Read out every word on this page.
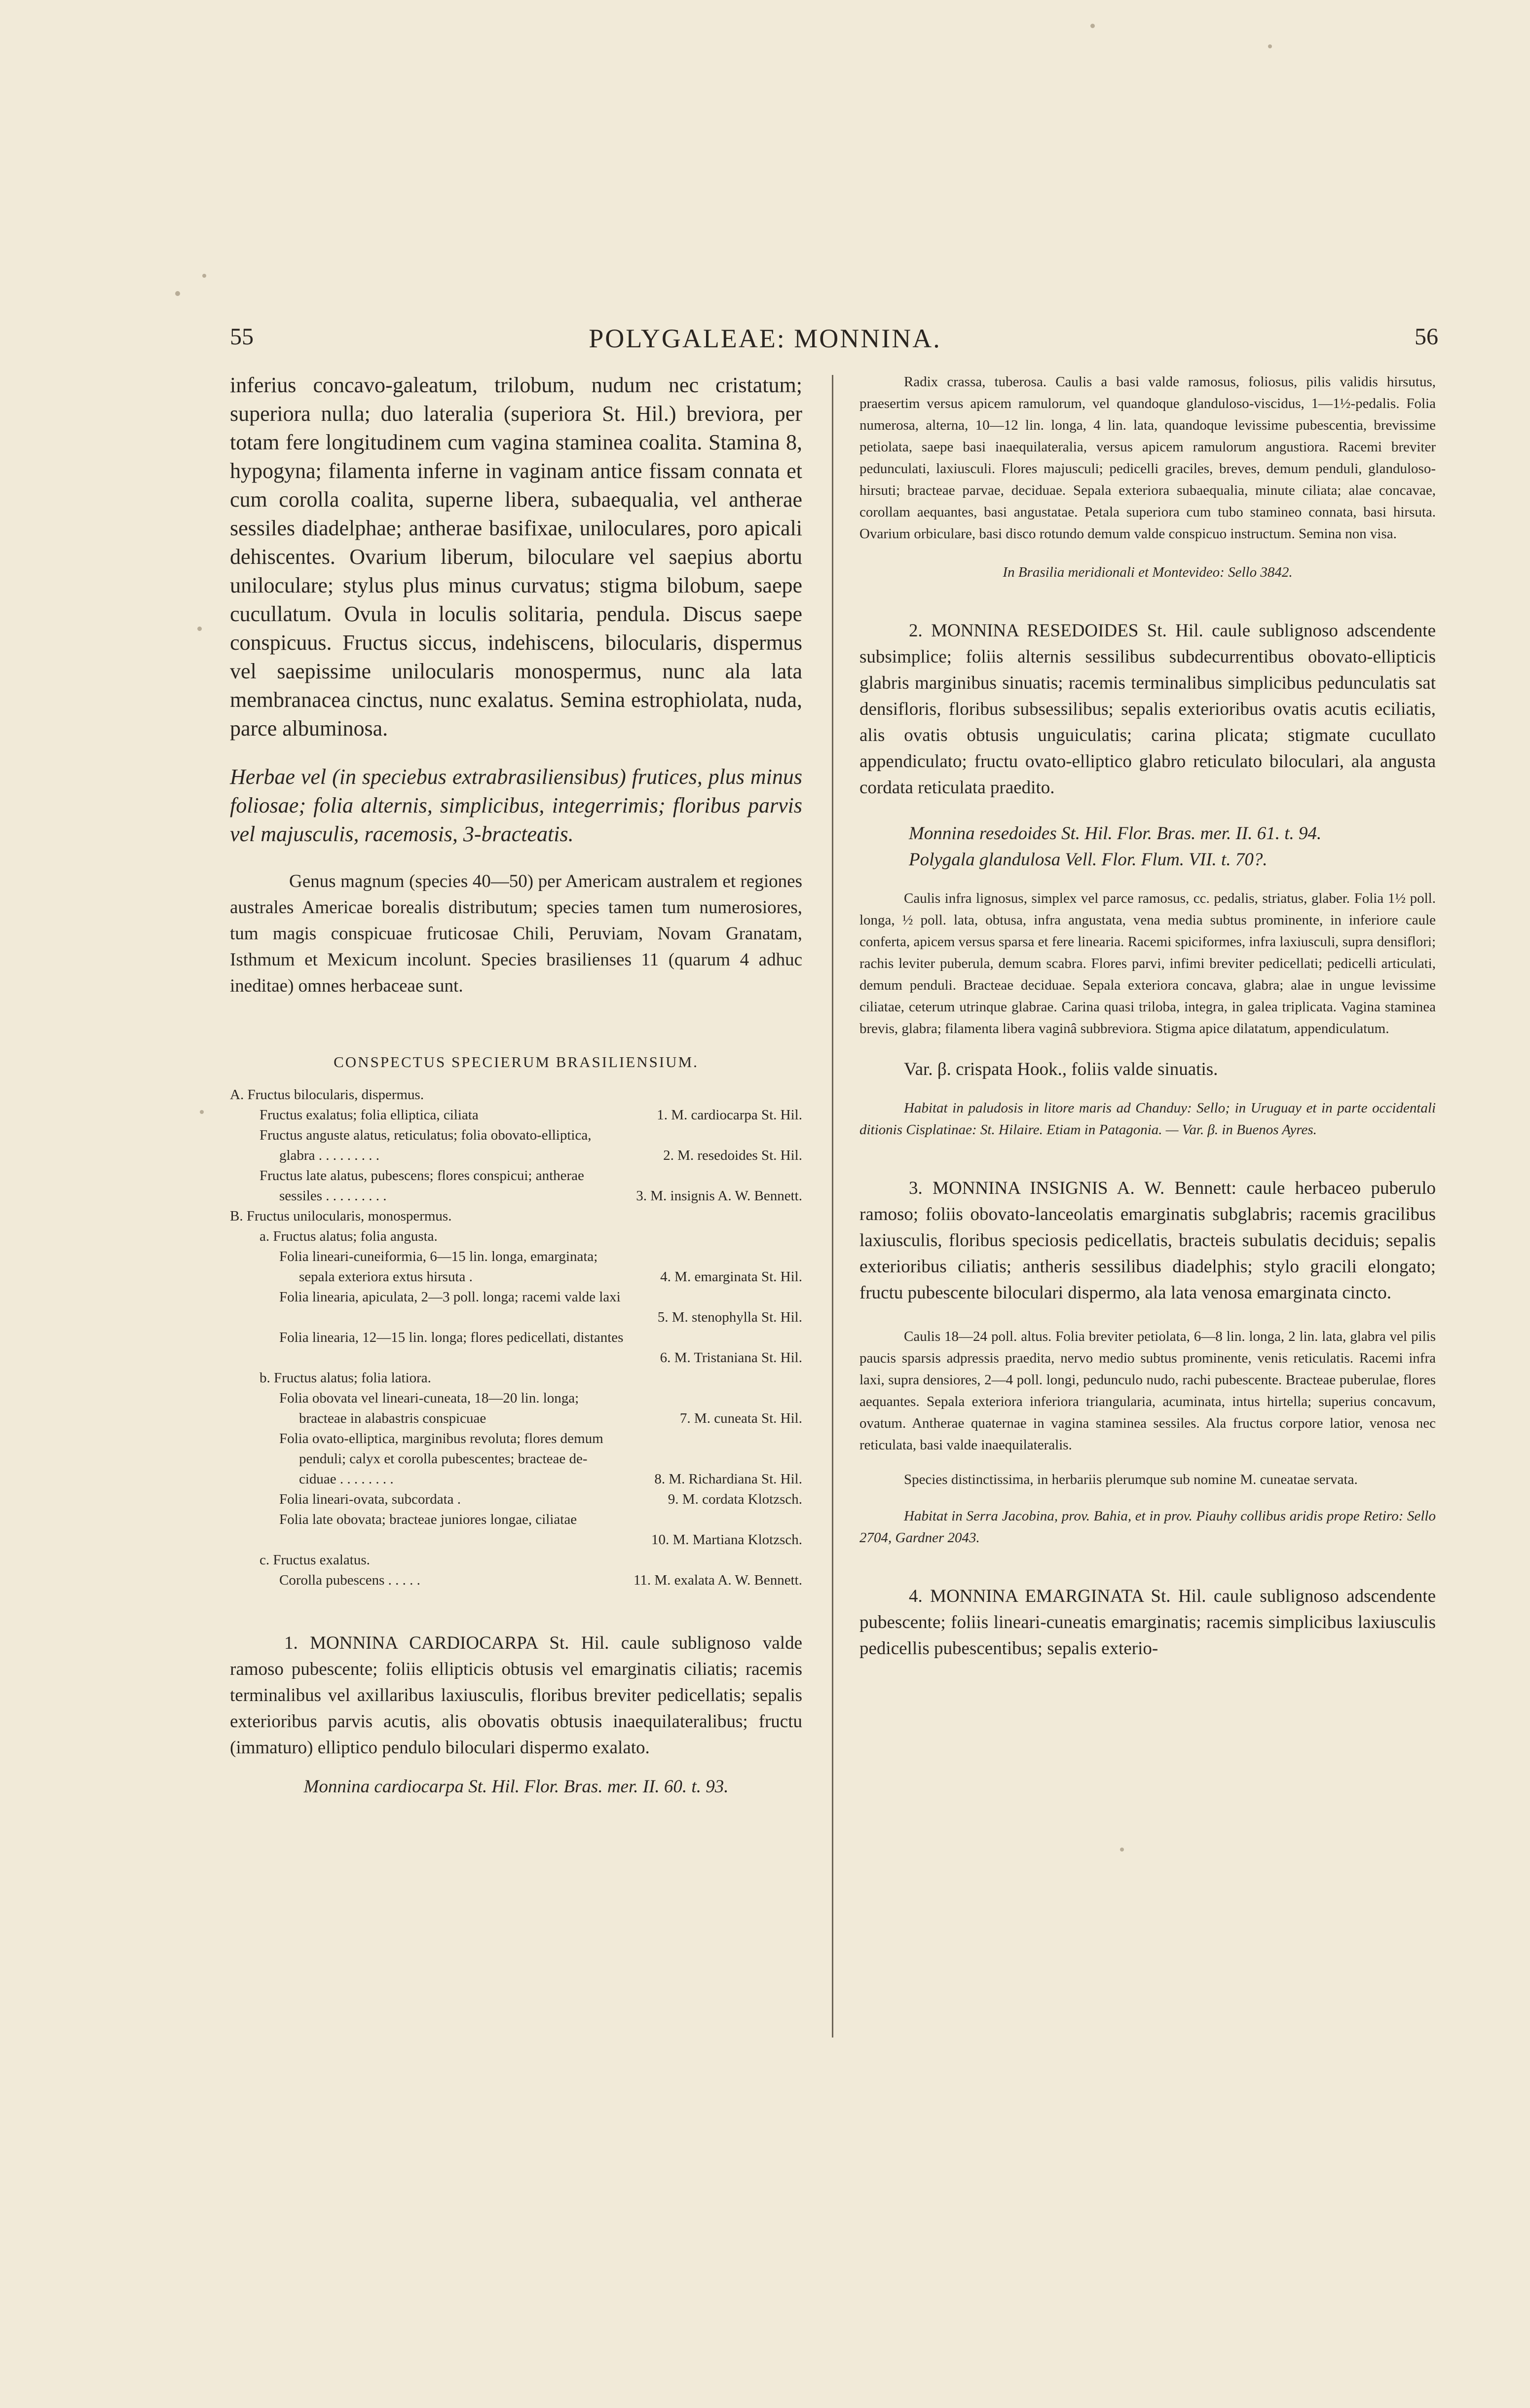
55	POLYGALEAE: MONNINA.	56

inferius concavo-galeatum, trilobum, nudum nec cristatum; superiora nulla; duo lateralia (superiora St. Hil.) breviora, per totam fere longitudinem cum vagina staminea coalita. Stamina 8, hypogyna; filamenta inferne in vaginam antice fissam connata et cum corolla coalita, superne libera, subaequalia, vel antherae sessiles diadelphae; antherae basifixae, uniloculares, poro apicali dehiscentes. Ovarium liberum, biloculare vel saepius abortu uniloculare; stylus plus minus curvatus; stigma bilobum, saepe cucullatum. Ovula in loculis solitaria, pendula. Discus saepe conspicuus. Fructus siccus, indehiscens, bilocularis, dispermus vel saepissime unilocularis monospermus, nunc ala lata membranacea cinctus, nunc exalatus. Semina estrophiolata, nuda, parce albuminosa.

Herbae vel (in speciebus extrabrasiliensibus) frutices, plus minus foliosae; folia alternis, simplicibus, integerrimis; floribus parvis vel majusculis, racemosis, 3-bracteatis.

Genus magnum (species 40—50) per Americam australem et regiones australes Americae borealis distributum; species tamen tum numerosiores, tum magis conspicuae fruticosae Chili, Peruviam, Novam Granatam, Isthmum et Mexicum incolunt. Species brasilienses 11 (quarum 4 adhuc ineditae) omnes herbaceae sunt.

CONSPECTUS SPECIERUM BRASILIENSIUM.

A. Fructus bilocularis, dispermus.
Fructus exalatus; folia elliptica, ciliata	1. M. cardiocarpa St. Hil.
Fructus anguste alatus, reticulatus; folia obovato-elliptica,
glabra . . . . . . . . .	2. M. resedoides St. Hil.
Fructus late alatus, pubescens; flores conspicui; antherae
sessiles . . . . . . . . .	3. M. insignis A. W. Bennett.
B. Fructus unilocularis, monospermus.
a. Fructus alatus; folia angusta.
Folia lineari-cuneiformia, 6—15 lin. longa, emarginata;
sepala exteriora extus hirsuta .	4. M. emarginata St. Hil.
Folia linearia, apiculata, 2—3 poll. longa; racemi valde laxi
5. M. stenophylla St. Hil.
Folia linearia, 12—15 lin. longa; flores pedicellati, distantes
6. M. Tristaniana St. Hil.
b. Fructus alatus; folia latiora.
Folia obovata vel lineari-cuneata, 18—20 lin. longa;
bracteae in alabastris conspicuae	7. M. cuneata St. Hil.
Folia ovato-elliptica, marginibus revoluta; flores demum
penduli; calyx et corolla pubescentes; bracteae de-
ciduae . . . . . . . .	8. M. Richardiana St. Hil.
Folia lineari-ovata, subcordata .	9. M. cordata Klotzsch.
Folia late obovata; bracteae juniores longae, ciliatae
10. M. Martiana Klotzsch.
c. Fructus exalatus.
Corolla pubescens . . . . .	11. M. exalata A. W. Bennett.

1. MONNINA CARDIOCARPA St. Hil. caule sublignoso valde ramoso pubescente; foliis ellipticis obtusis vel emarginatis ciliatis; racemis terminalibus vel axillaribus laxiusculis, floribus breviter pedicellatis; sepalis exterioribus parvis acutis, alis obovatis obtusis inaequilateralibus; fructu (immaturo) elliptico pendulo biloculari dispermo exalato.

Monnina cardiocarpa St. Hil. Flor. Bras. mer. II. 60. t. 93.

Radix crassa, tuberosa. Caulis a basi valde ramosus, foliosus, pilis validis hirsutus, praesertim versus apicem ramulorum, vel quandoque glanduloso-viscidus, 1—1½-pedalis. Folia numerosa, alterna, 10—12 lin. longa, 4 lin. lata, quandoque levissime pubescentia, brevissime petiolata, saepe basi inaequilateralia, versus apicem ramulorum angustiora. Racemi breviter pedunculati, laxiusculi. Flores majusculi; pedicelli graciles, breves, demum penduli, glanduloso-hirsuti; bracteae parvae, deciduae. Sepala exteriora subaequalia, minute ciliata; alae concavae, corollam aequantes, basi angustatae. Petala superiora cum tubo stamineo connata, basi hirsuta. Ovarium orbiculare, basi disco rotundo demum valde conspicuo instructum. Semina non visa.

In Brasilia meridionali et Montevideo: Sello 3842.

2. MONNINA RESEDOIDES St. Hil. caule sublignoso adscendente subsimplice; foliis alternis sessilibus subdecurrentibus obovato-ellipticis glabris marginibus sinuatis; racemis terminalibus simplicibus pedunculatis sat densifloris, floribus subsessilibus; sepalis exterioribus ovatis acutis eciliatis, alis ovatis obtusis unguiculatis; carina plicata; stigmate cucullato appendiculato; fructu ovato-elliptico glabro reticulato biloculari, ala angusta cordata reticulata praedito.

Monnina resedoides St. Hil. Flor. Bras. mer. II. 61. t. 94.

Polygala glandulosa Vell. Flor. Flum. VII. t. 70?.

Caulis infra lignosus, simplex vel parce ramosus, cc. pedalis, striatus, glaber. Folia 1½ poll. longa, ½ poll. lata, obtusa, infra angustata, vena media subtus prominente, in inferiore caule conferta, apicem versus sparsa et fere linearia. Racemi spiciformes, infra laxiusculi, supra densiflori; rachis leviter puberula, demum scabra. Flores parvi, infimi breviter pedicellati; pedicelli articulati, demum penduli. Bracteae deciduae. Sepala exteriora concava, glabra; alae in ungue levissime ciliatae, ceterum utrinque glabrae. Carina quasi triloba, integra, in galea triplicata. Vagina staminea brevis, glabra; filamenta libera vaginâ subbreviora. Stigma apice dilatatum, appendiculatum.

Var. β. crispata Hook., foliis valde sinuatis.

Habitat in paludosis in litore maris ad Chanduy: Sello; in Uruguay et in parte occidentali ditionis Cisplatinae: St. Hilaire. Etiam in Patagonia. — Var. β. in Buenos Ayres.

3. MONNINA INSIGNIS A. W. Bennett: caule herbaceo puberulo ramoso; foliis obovato-lanceolatis emarginatis subglabris; racemis gracilibus laxiusculis, floribus speciosis pedicellatis, bracteis subulatis deciduis; sepalis exterioribus ciliatis; antheris sessilibus diadelphis; stylo gracili elongato; fructu pubescente biloculari dispermo, ala lata venosa emarginata cincto.

Caulis 18—24 poll. altus. Folia breviter petiolata, 6—8 lin. longa, 2 lin. lata, glabra vel pilis paucis sparsis adpressis praedita, nervo medio subtus prominente, venis reticulatis. Racemi infra laxi, supra densiores, 2—4 poll. longi, pedunculo nudo, rachi pubescente. Bracteae puberulae, flores aequantes. Sepala exteriora inferiora triangularia, acuminata, intus hirtella; superius concavum, ovatum. Antherae quaternae in vagina staminea sessiles. Ala fructus corpore latior, venosa nec reticulata, basi valde inaequilateralis.

Species distinctissima, in herbariis plerumque sub nomine M. cuneatae servata.

Habitat in Serra Jacobina, prov. Bahia, et in prov. Piauhy collibus aridis prope Retiro: Sello 2704, Gardner 2043.

4. MONNINA EMARGINATA St. Hil. caule sublignoso adscendente pubescente; foliis lineari-cuneatis emarginatis; racemis simplicibus laxiusculis pedicellis pubescentibus; sepalis exterio-
